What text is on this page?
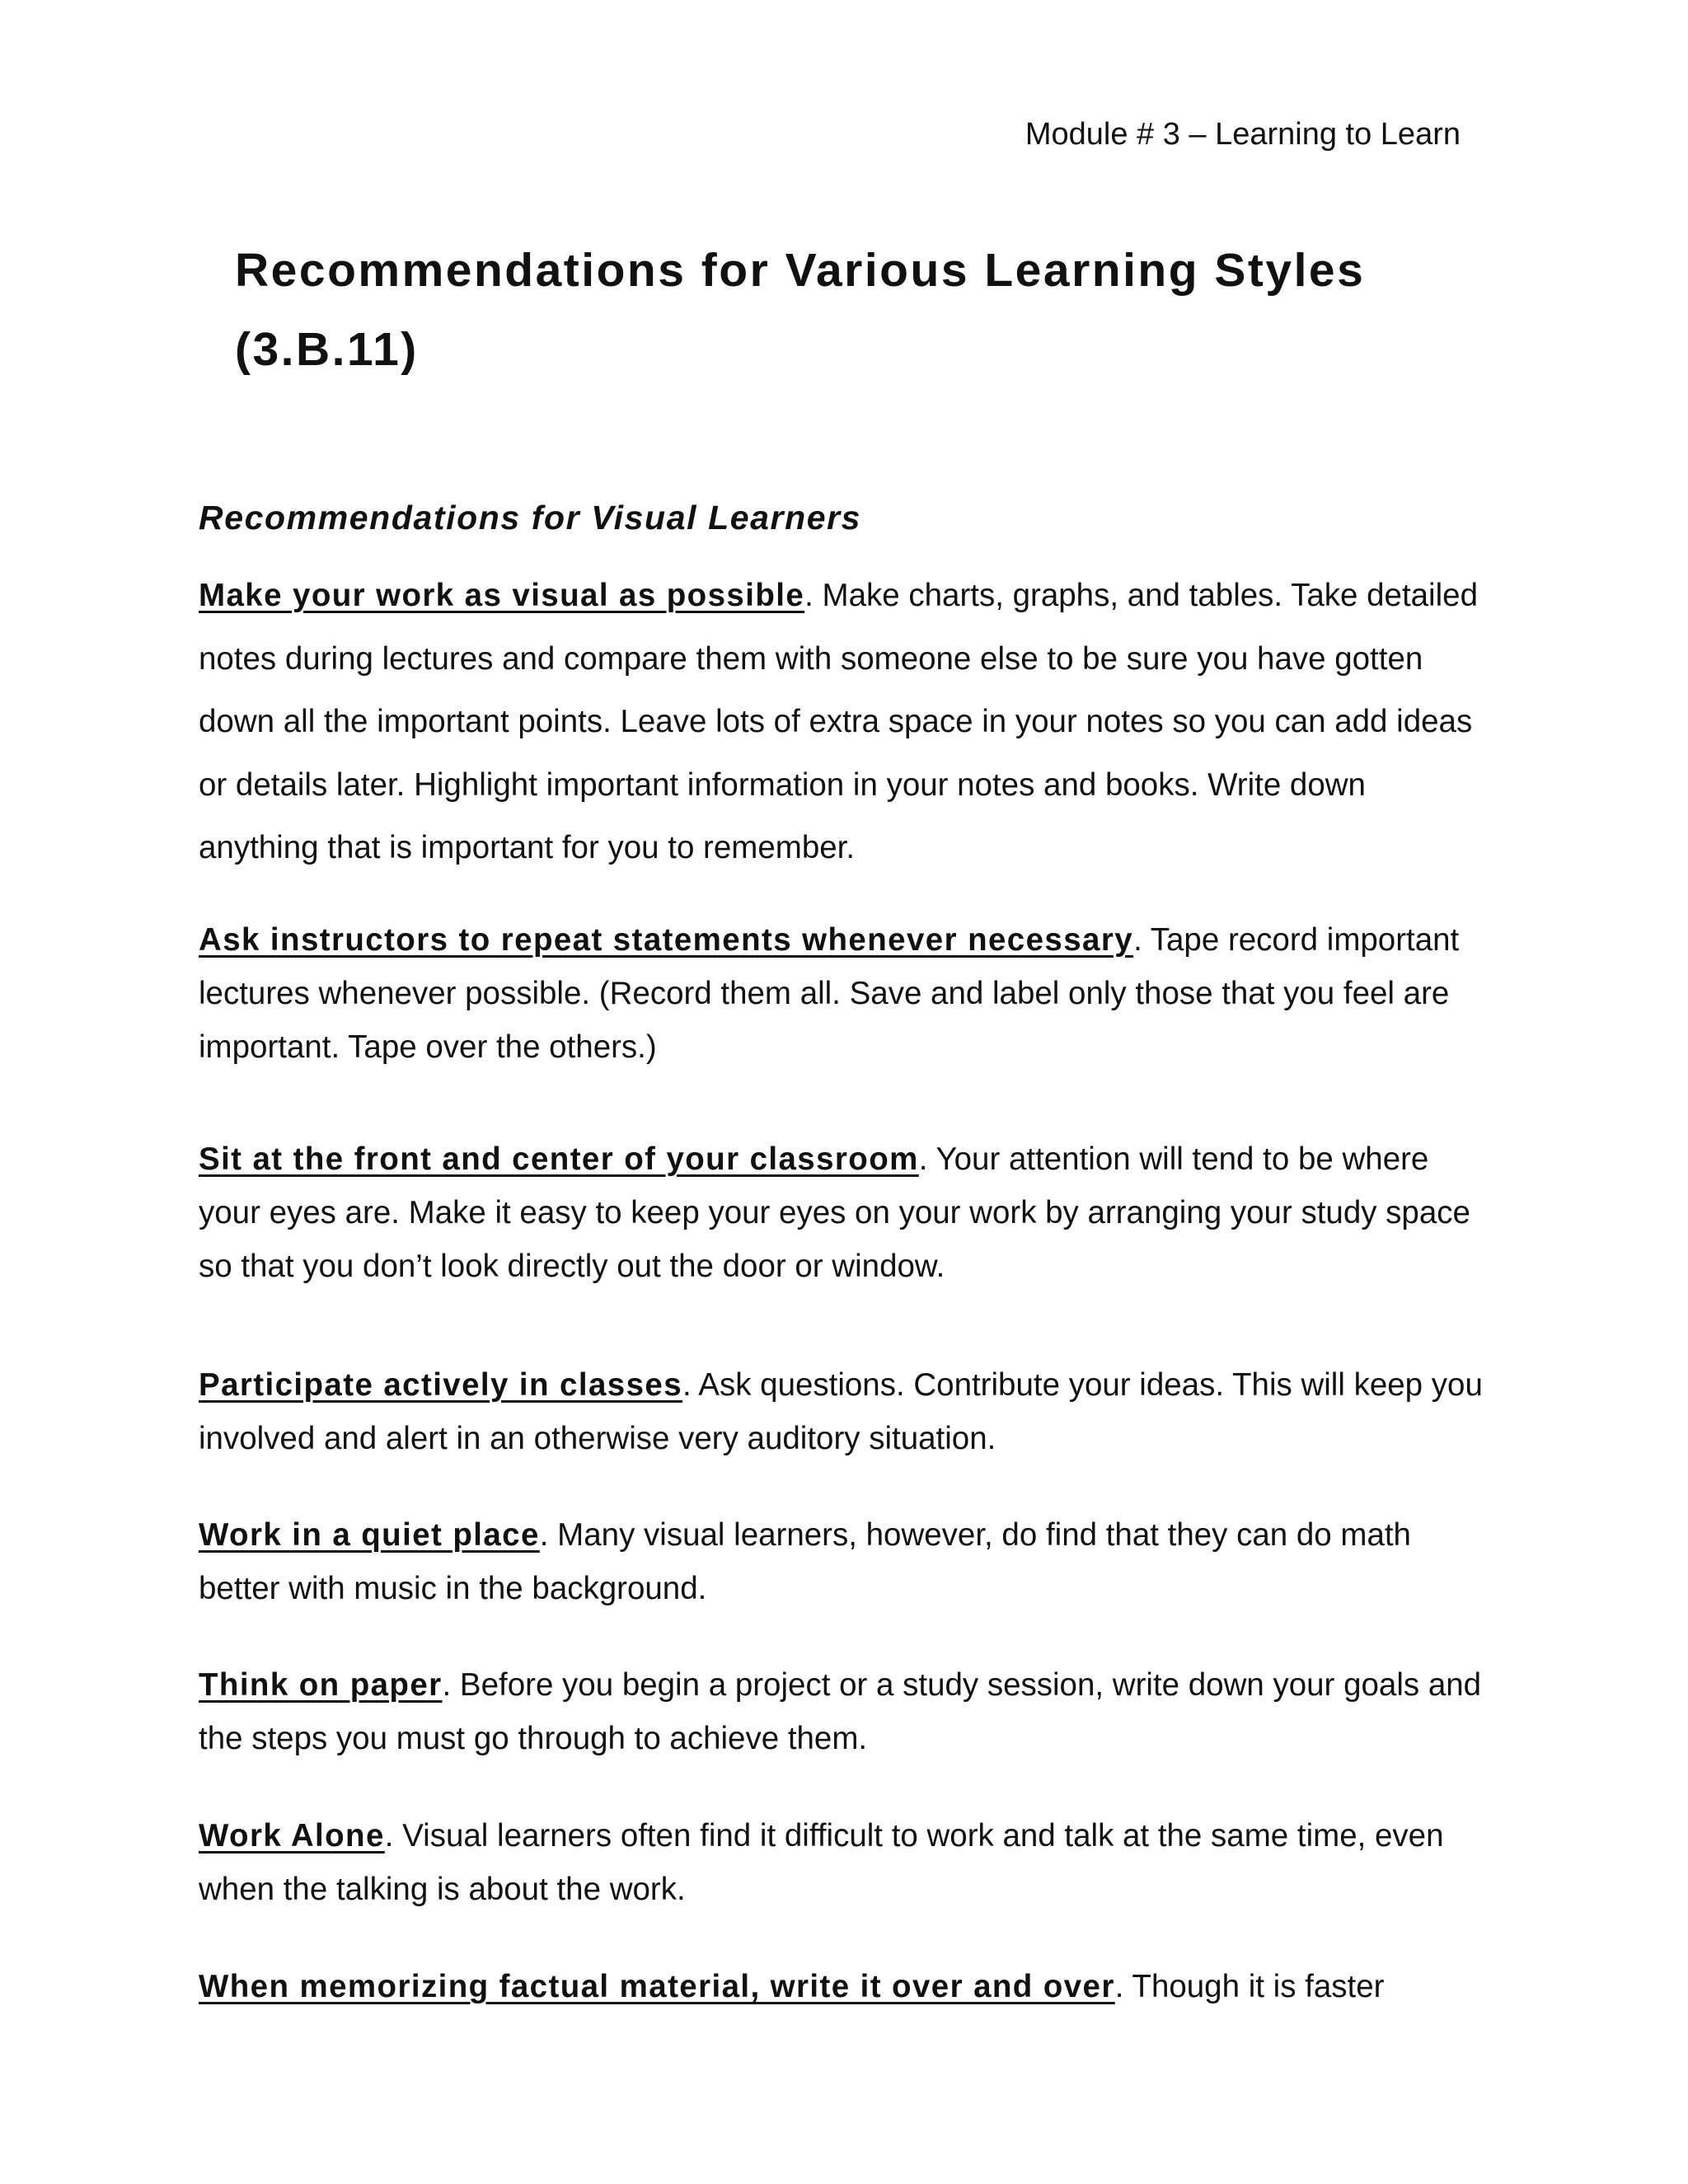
Module # 3 – Learning to Learn
Recommendations for Various Learning Styles
(3.B.11)
Recommendations for Visual Learners

Make your work as visual as possible. Make charts, graphs, and tables. Take detailed notes during lectures and compare them with someone else to be sure you have gotten down all the important points. Leave lots of extra space in your notes so you can add ideas or details later. Highlight important information in your notes and books. Write down anything that is important for you to remember.

Ask instructors to repeat statements whenever necessary. Tape record important lectures whenever possible. (Record them all. Save and label only those that you feel are important. Tape over the others.)

Sit at the front and center of your classroom. Your attention will tend to be where your eyes are. Make it easy to keep your eyes on your work by arranging your study space so that you don’t look directly out the door or window.

Participate actively in classes. Ask questions. Contribute your ideas. This will keep you involved and alert in an otherwise very auditory situation.

Work in a quiet place. Many visual learners, however, do find that they can do math better with music in the background.

Think on paper. Before you begin a project or a study session, write down your goals and the steps you must go through to achieve them.

Work Alone. Visual learners often find it difficult to work and talk at the same time, even when the talking is about the work.

When memorizing factual material, write it over and over. Though it is faster
